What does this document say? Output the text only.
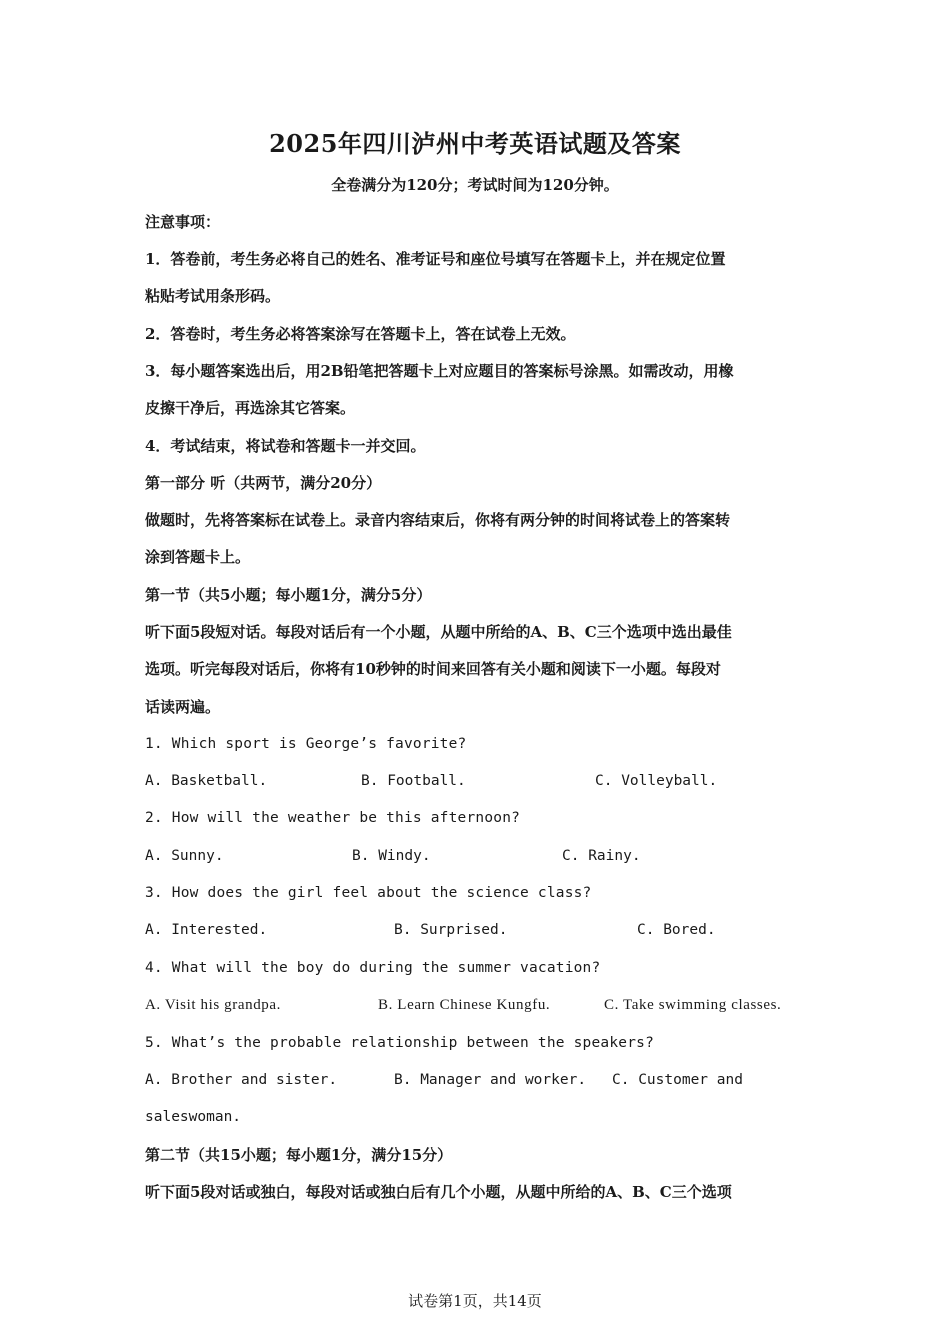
2025年四川泸州中考英语试题及答案
全卷满分为120分；考试时间为120分钟。
注意事项：
1．答卷前，考生务必将自己的姓名、准考证号和座位号填写在答题卡上，并在规定位置
粘贴考试用条形码。
2．答卷时，考生务必将答案涂写在答题卡上，答在试卷上无效。
3．每小题答案选出后，用2B铅笔把答题卡上对应题目的答案标号涂黑。如需改动，用橡
皮擦干净后，再选涂其它答案。
4．考试结束，将试卷和答题卡一并交回。
第一部分 听（共两节，满分20分）
做题时，先将答案标在试卷上。录音内容结束后，你将有两分钟的时间将试卷上的答案转
涂到答题卡上。
第一节（共5小题；每小题1分，满分5分）
听下面5段短对话。每段对话后有一个小题，从题中所给的A、B、C三个选项中选出最佳
选项。听完每段对话后，你将有10秒钟的时间来回答有关小题和阅读下一小题。每段对
话读两遍。
1. Which sport is George’s favorite?
A. Basketball.	B. Football.	C. Volleyball.
2. How will the weather be this afternoon?
A. Sunny.	B. Windy.	C. Rainy.
3. How does the girl feel about the science class?
A. Interested.	B. Surprised.	C. Bored.
4. What will the boy do during the summer vacation?
A. Visit his grandpa.	B. Learn Chinese Kungfu.	C. Take swimming classes.
5. What’s the probable relationship between the speakers?
A. Brother and sister.	B. Manager and worker. C. Customer and
saleswoman.
第二节（共15小题；每小题1分，满分15分）
听下面5段对话或独白，每段对话或独白后有几个小题，从题中所给的A、B、C三个选项
试卷第1页，共14页
